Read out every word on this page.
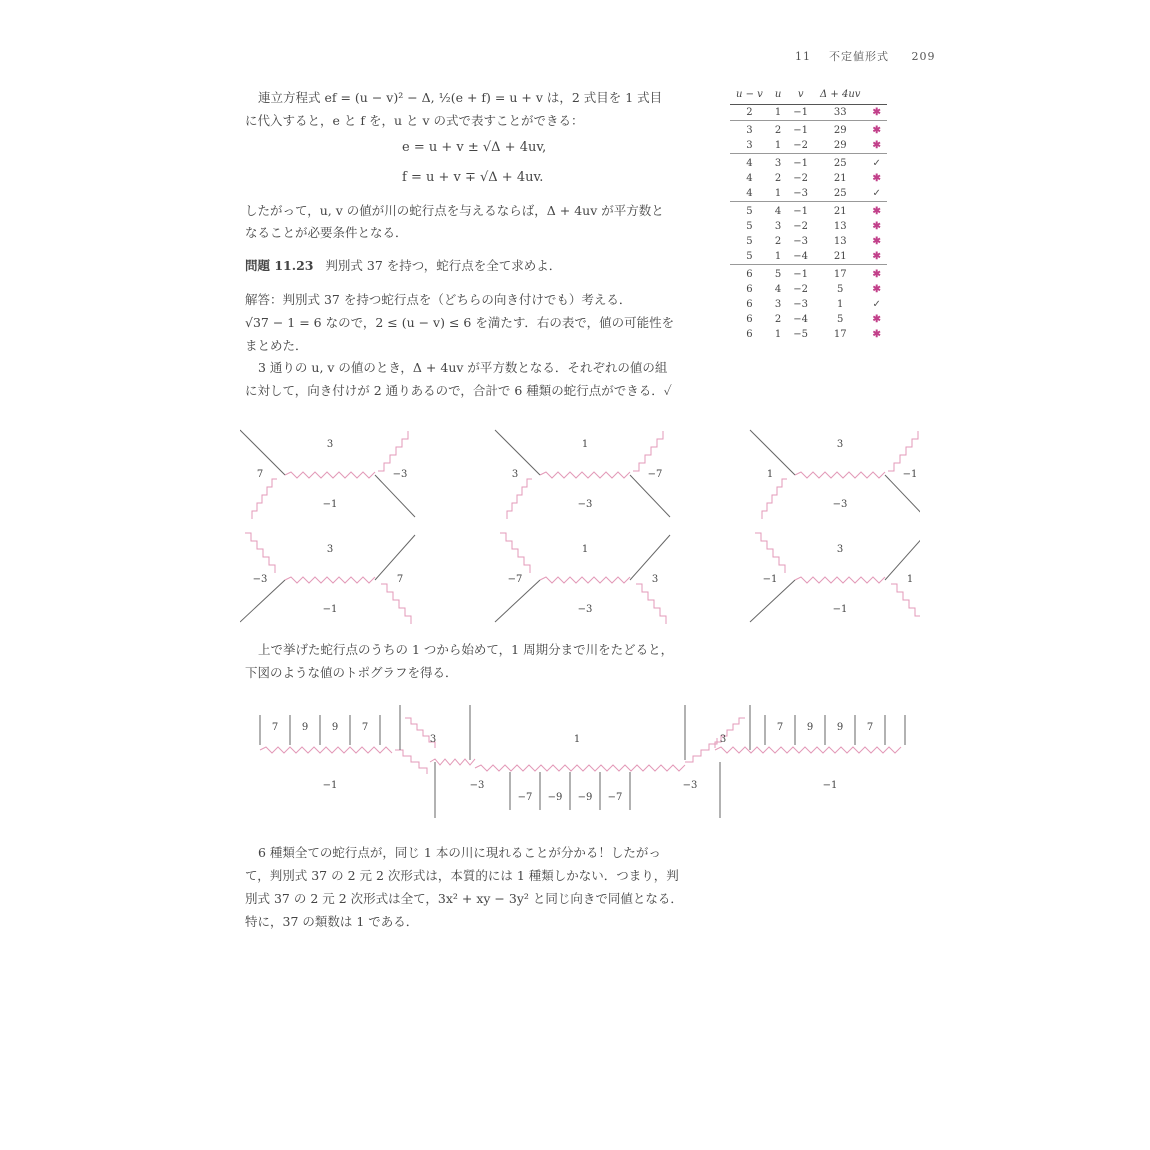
11 不定値形式 209
連立方程式 ef = (u − v)² − Δ, ½(e + f) = u + v は，2 式目を 1 式目
に代入すると，e と f を，u と v の式で表すことができる：
e = u + v ± √Δ + 4uv,
f = u + v ∓ √Δ + 4uv.
したがって，u, v の値が川の蛇行点を与えるならば，Δ + 4uv が平方数と
なることが必要条件となる．
問題 11.23 判別式 37 を持つ，蛇行点を全て求めよ．
解答：判別式 37 を持つ蛇行点を（どちらの向き付けでも）考える．
√37 − 1 = 6 なので，2 ≤ (u − v) ≤ 6 を満たす．右の表で，値の可能性を
まとめた．
3 通りの u, v の値のとき，Δ + 4uv が平方数となる．それぞれの値の組
に対して，向き付けが 2 通りあるので，合計で 6 種類の蛇行点ができる．✓
u − v	u	v	Δ + 4uv	
2	1	−1	33	✱
3	2	−1	29	✱
3	1	−2	29	✱
4	3	−1	25	✓
4	2	−2	21	✱
4	1	−3	25	✓
5	4	−1	21	✱
5	3	−2	13	✱
5	2	−3	13	✱
5	1	−4	21	✱
6	5	−1	17	✱
6	4	−2	5	✱
6	3	−3	1	✓
6	2	−4	5	✱
6	1	−5	17	✱
3
7	−3
−1
1
3	−7
−3
3
1	−1
−3
3
−3	7
−1
1
−7	3
−3
3
−1	1
−1
上で挙げた蛇行点のうちの 1 つから始めて，1 周期分まで川をたどると，
下図のような値のトポグラフを得る．
7 9 9 7	7 9 9 7
3	1	3
−1	−3
−7 −9 −9 −7
−3	−1
6 種類全ての蛇行点が，同じ 1 本の川に現れることが分かる！したがっ
て，判別式 37 の 2 元 2 次形式は，本質的には 1 種類しかない．つまり，判
別式 37 の 2 元 2 次形式は全て，3x² + xy − 3y² と同じ向きで同値となる．
特に，37 の類数は 1 である．
